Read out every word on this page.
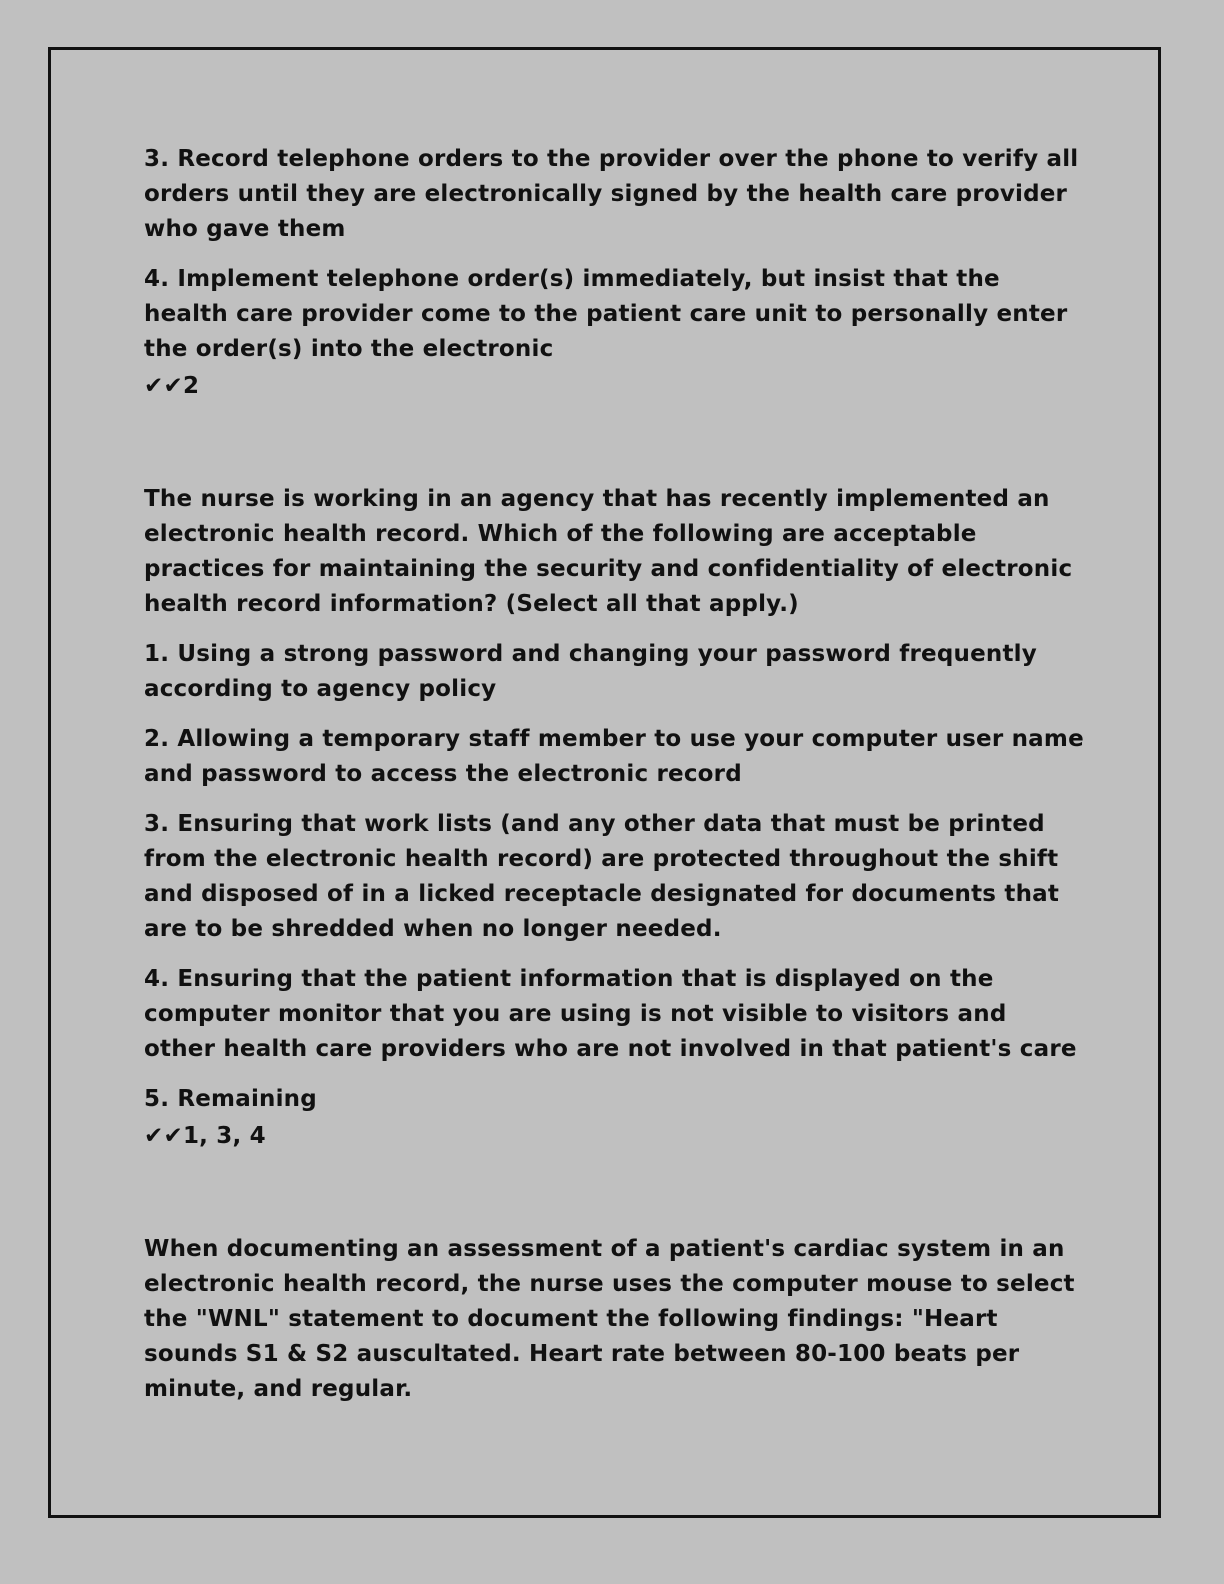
3. Record telephone orders to the provider over the phone to verify all orders until they are electronically signed by the health care provider who gave them

4. Implement telephone order(s) immediately, but insist that the health care provider come to the patient care unit to personally enter the order(s) into the electronic

✔✔2

The nurse is working in an agency that has recently implemented an electronic health record. Which of the following are acceptable practices for maintaining the security and confidentiality of electronic health record information? (Select all that apply.)

1. Using a strong password and changing your password frequently according to agency policy

2. Allowing a temporary staff member to use your computer user name and password to access the electronic record

3. Ensuring that work lists (and any other data that must be printed from the electronic health record) are protected throughout the shift and disposed of in a licked receptacle designated for documents that are to be shredded when no longer needed.

4. Ensuring that the patient information that is displayed on the computer monitor that you are using is not visible to visitors and other health care providers who are not involved in that patient's care

5. Remaining

✔✔1, 3, 4

When documenting an assessment of a patient's cardiac system in an electronic health record, the nurse uses the computer mouse to select the "WNL" statement to document the following findings: "Heart sounds S1 & S2 auscultated. Heart rate between 80-100 beats per minute, and regular.
